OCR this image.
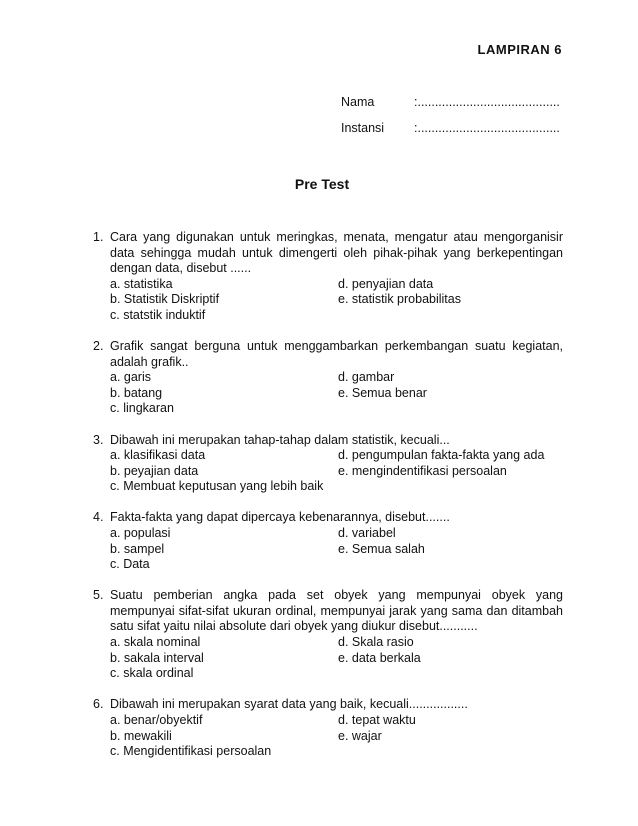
LAMPIRAN 6
Nama	:.........................................
Instansi	:.........................................
Pre Test
1. Cara yang digunakan untuk meringkas, menata, mengatur atau mengorganisir data sehingga mudah untuk dimengerti oleh pihak-pihak yang berkepentingan dengan data, disebut ......
a. statistika	d. penyajian data
b. Statistik Diskriptif	e. statistik probabilitas
c. statstik induktif
2. Grafik sangat berguna untuk menggambarkan perkembangan suatu kegiatan, adalah grafik..
a. garis	d. gambar
b. batang	e. Semua benar
c. lingkaran
3. Dibawah ini merupakan tahap-tahap dalam statistik, kecuali...
a. klasifikasi data	d. pengumpulan fakta-fakta yang ada
b. peyajian data	e. mengindentifikasi persoalan
c. Membuat keputusan yang lebih baik
4. Fakta-fakta yang dapat dipercaya kebenarannya, disebut.......
a. populasi	d. variabel
b. sampel	e. Semua salah
c. Data
5. Suatu pemberian angka pada set obyek yang mempunyai obyek yang mempunyai sifat-sifat ukuran ordinal, mempunyai jarak yang sama dan ditambah satu sifat yaitu nilai absolute dari obyek yang diukur disebut...........
a. skala nominal	d. Skala rasio
b. sakala interval	e. data berkala
c. skala ordinal
6. Dibawah ini merupakan syarat data yang baik, kecuali.................
a. benar/obyektif	d. tepat waktu
b. mewakili	e. wajar
c. Mengidentifikasi persoalan
